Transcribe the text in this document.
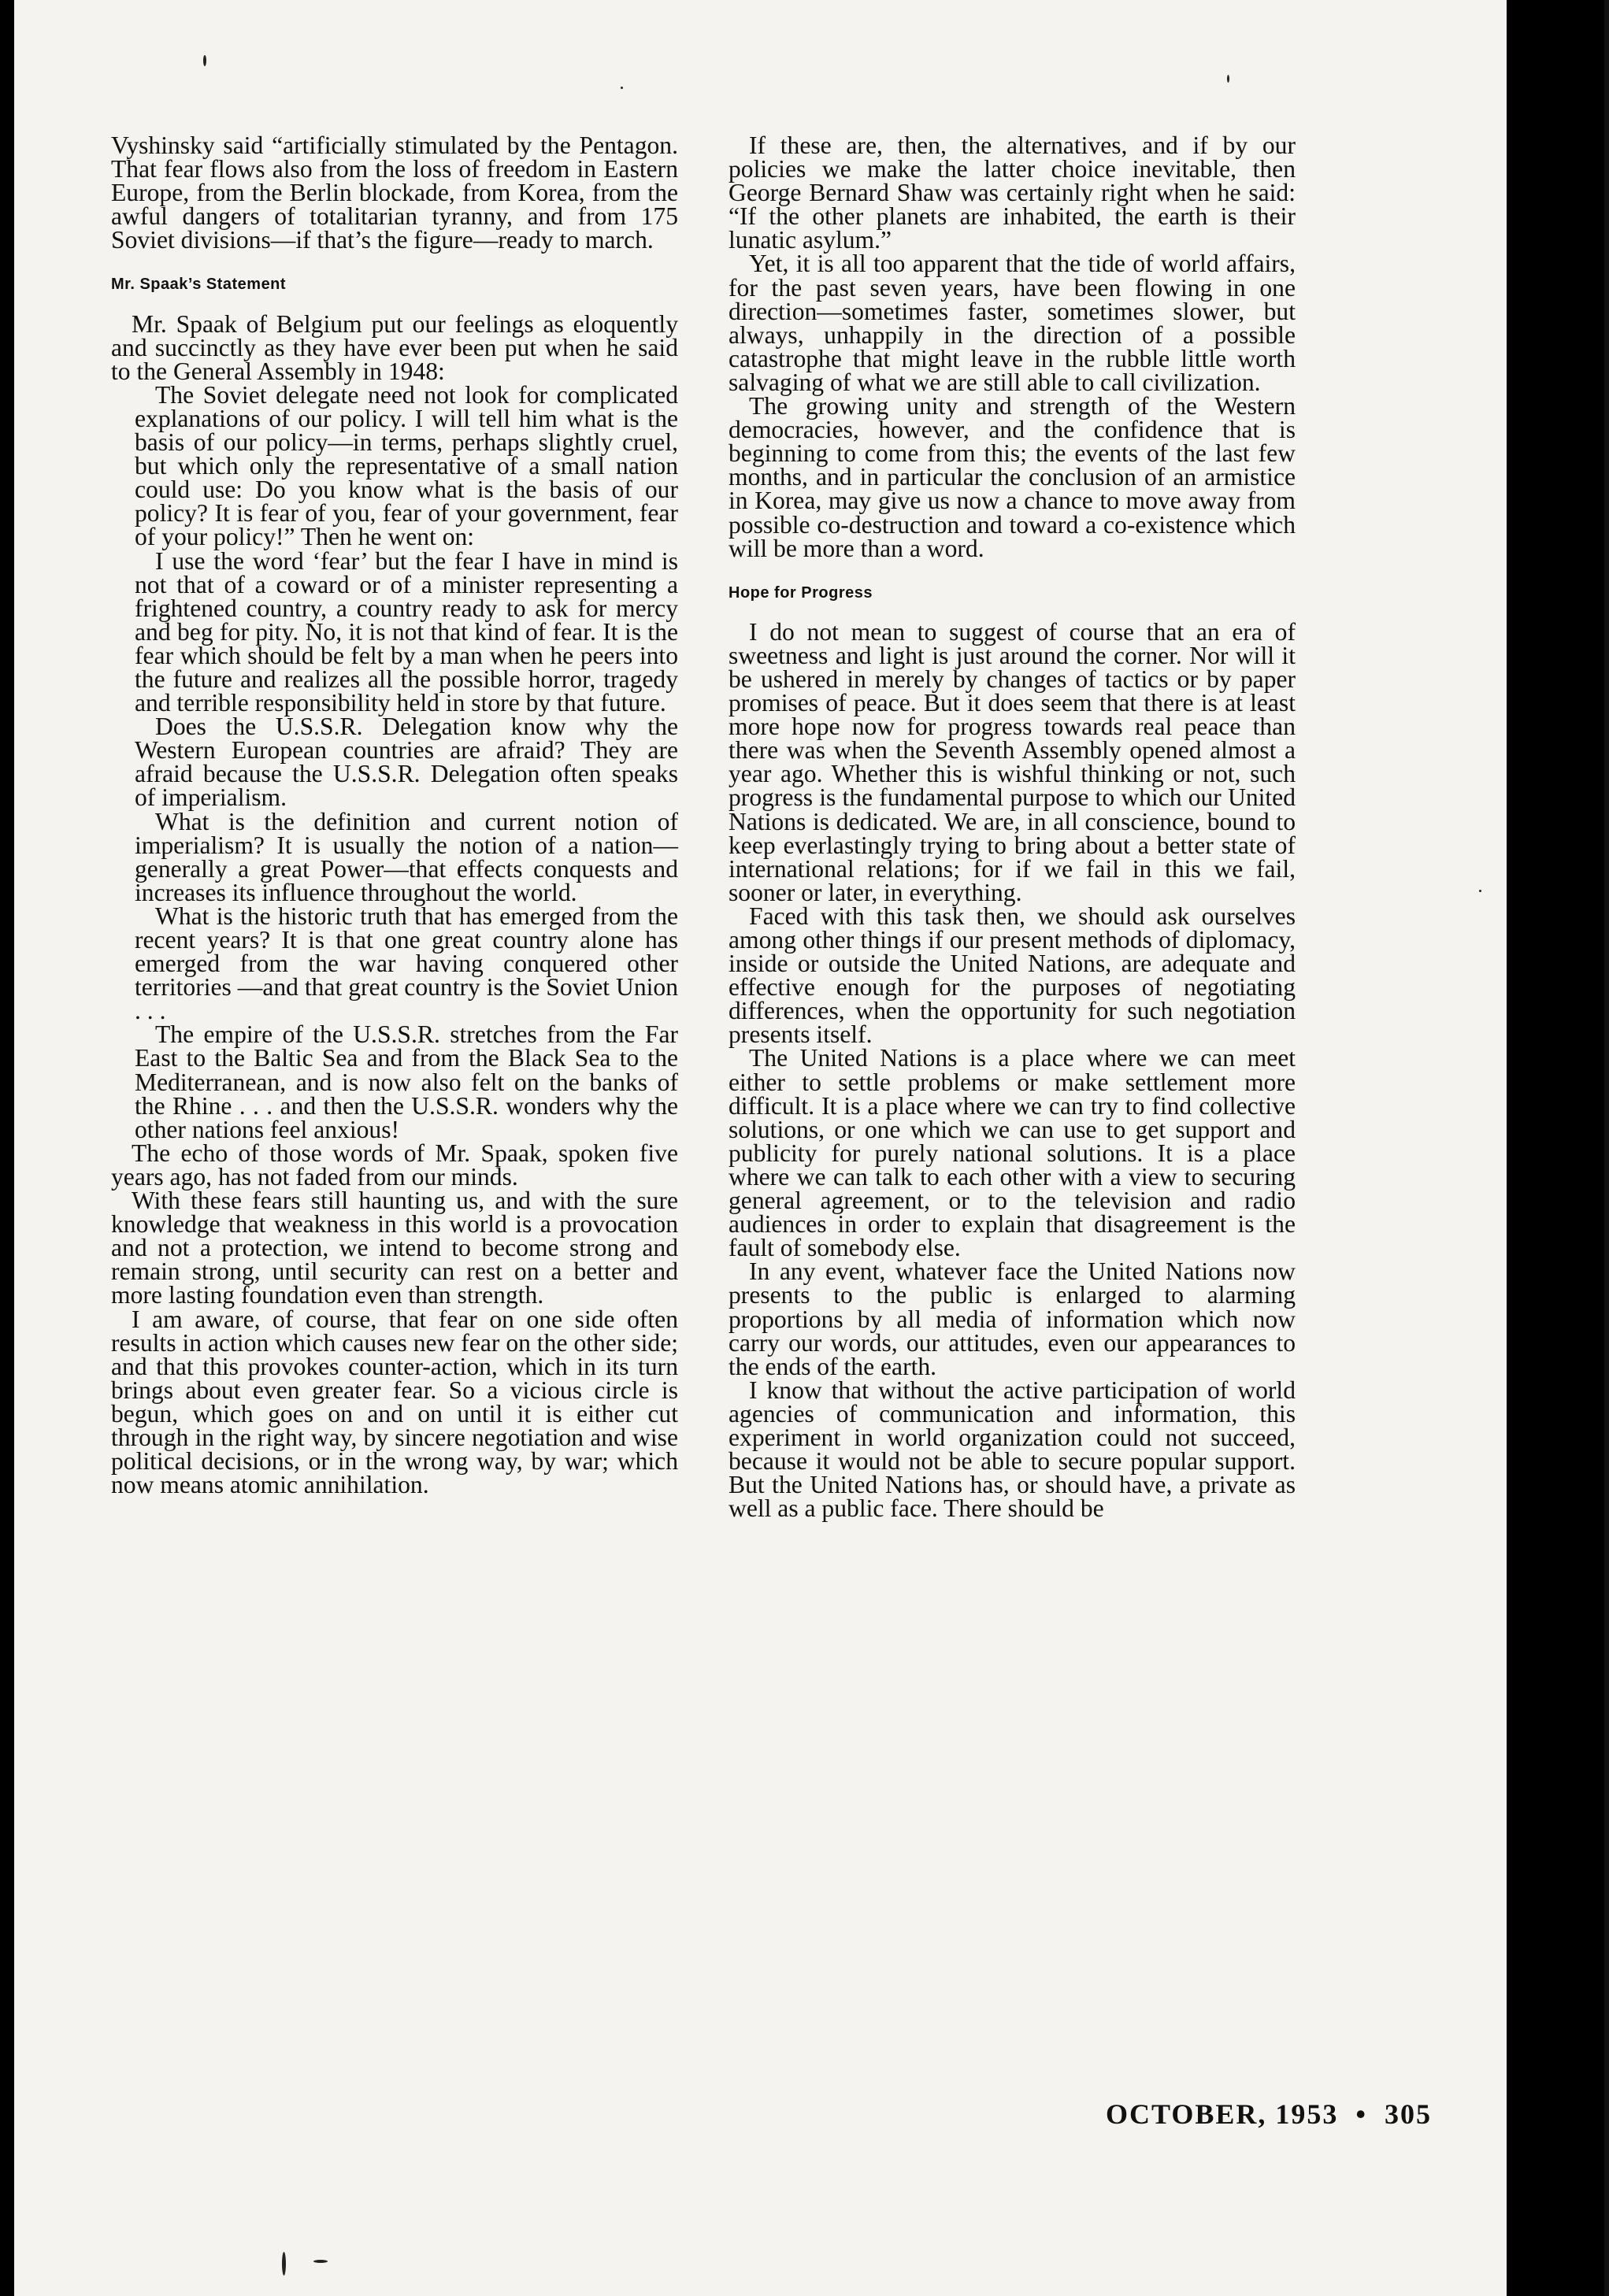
Vyshinsky said “artificially stimulated by the Pentagon. That fear flows also from the loss of freedom in Eastern Europe, from the Berlin blockade, from Korea, from the awful dangers of totalitarian tyranny, and from 175 Soviet divisions—if that’s the figure—ready to march.

Mr. Spaak’s Statement

Mr. Spaak of Belgium put our feelings as eloquently and succinctly as they have ever been put when he said to the General Assembly in 1948:

The Soviet delegate need not look for complicated explanations of our policy. I will tell him what is the basis of our policy—in terms, perhaps slightly cruel, but which only the representative of a small nation could use: Do you know what is the basis of our policy? It is fear of you, fear of your government, fear of your policy!” Then he went on:

I use the word ‘fear’ but the fear I have in mind is not that of a coward or of a minister representing a frightened country, a country ready to ask for mercy and beg for pity. No, it is not that kind of fear. It is the fear which should be felt by a man when he peers into the future and realizes all the possible horror, tragedy and terrible responsibility held in store by that future.

Does the U.S.S.R. Delegation know why the Western European countries are afraid? They are afraid because the U.S.S.R. Delegation often speaks of imperialism.

What is the definition and current notion of imperialism? It is usually the notion of a nation—generally a great Power—that effects conquests and increases its influence throughout the world.

What is the historic truth that has emerged from the recent years? It is that one great country alone has emerged from the war having conquered other territories —and that great country is the Soviet Union . . .

The empire of the U.S.S.R. stretches from the Far East to the Baltic Sea and from the Black Sea to the Mediterranean, and is now also felt on the banks of the Rhine . . . and then the U.S.S.R. wonders why the other nations feel anxious!

The echo of those words of Mr. Spaak, spoken five years ago, has not faded from our minds.

With these fears still haunting us, and with the sure knowledge that weakness in this world is a provocation and not a protection, we intend to become strong and remain strong, until security can rest on a better and more lasting foundation even than strength.

I am aware, of course, that fear on one side often results in action which causes new fear on the other side; and that this provokes counter-action, which in its turn brings about even greater fear. So a vicious circle is begun, which goes on and on until it is either cut through in the right way, by sincere negotiation and wise political decisions, or in the wrong way, by war; which now means atomic annihilation.

If these are, then, the alternatives, and if by our policies we make the latter choice inevitable, then George Bernard Shaw was certainly right when he said: “If the other planets are inhabited, the earth is their lunatic asylum.”

Yet, it is all too apparent that the tide of world affairs, for the past seven years, have been flowing in one direction—sometimes faster, sometimes slower, but always, unhappily in the direction of a possible catastrophe that might leave in the rubble little worth salvaging of what we are still able to call civilization.

The growing unity and strength of the Western democracies, however, and the confidence that is beginning to come from this; the events of the last few months, and in particular the conclusion of an armistice in Korea, may give us now a chance to move away from possible co-destruction and toward a co-existence which will be more than a word.

Hope for Progress

I do not mean to suggest of course that an era of sweetness and light is just around the corner. Nor will it be ushered in merely by changes of tactics or by paper promises of peace. But it does seem that there is at least more hope now for progress towards real peace than there was when the Seventh Assembly opened almost a year ago. Whether this is wishful thinking or not, such progress is the fundamental purpose to which our United Nations is dedicated. We are, in all conscience, bound to keep everlastingly trying to bring about a better state of international relations; for if we fail in this we fail, sooner or later, in everything.

Faced with this task then, we should ask ourselves among other things if our present methods of diplomacy, inside or outside the United Nations, are adequate and effective enough for the purposes of negotiating differences, when the opportunity for such negotiation presents itself.

The United Nations is a place where we can meet either to settle problems or make settlement more difficult. It is a place where we can try to find collective solutions, or one which we can use to get support and publicity for purely national solutions. It is a place where we can talk to each other with a view to securing general agreement, or to the television and radio audiences in order to explain that disagreement is the fault of somebody else.

In any event, whatever face the United Nations now presents to the public is enlarged to alarming proportions by all media of information which now carry our words, our attitudes, even our appearances to the ends of the earth.

I know that without the active participation of world agencies of communication and information, this experiment in world organization could not succeed, because it would not be able to secure popular support. But the United Nations has, or should have, a private as well as a public face. There should be

OCTOBER, 1953 • 305
